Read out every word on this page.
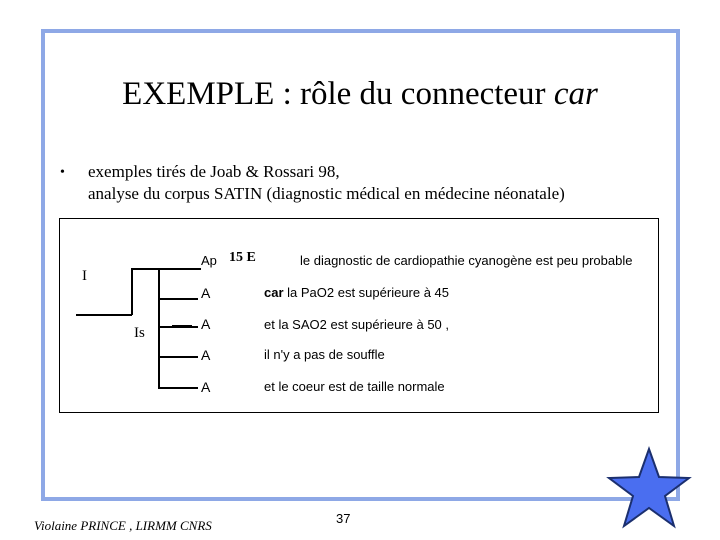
EXEMPLE : rôle du connecteur car
• exemples tirés de Joab & Rossari 98,
analyse du corpus SATIN (diagnostic médical en médecine néonatale)
I
Is
Ap 15 E	le diagnostic de cardiopathie cyanogène est peu probable
A	car la PaO2 est supérieure à 45
A	et la SAO2 est supérieure à 50 ,
A	il n'y a pas de souffle
A	et le coeur est de taille normale
Violaine PRINCE , LIRMM CNRS	37
